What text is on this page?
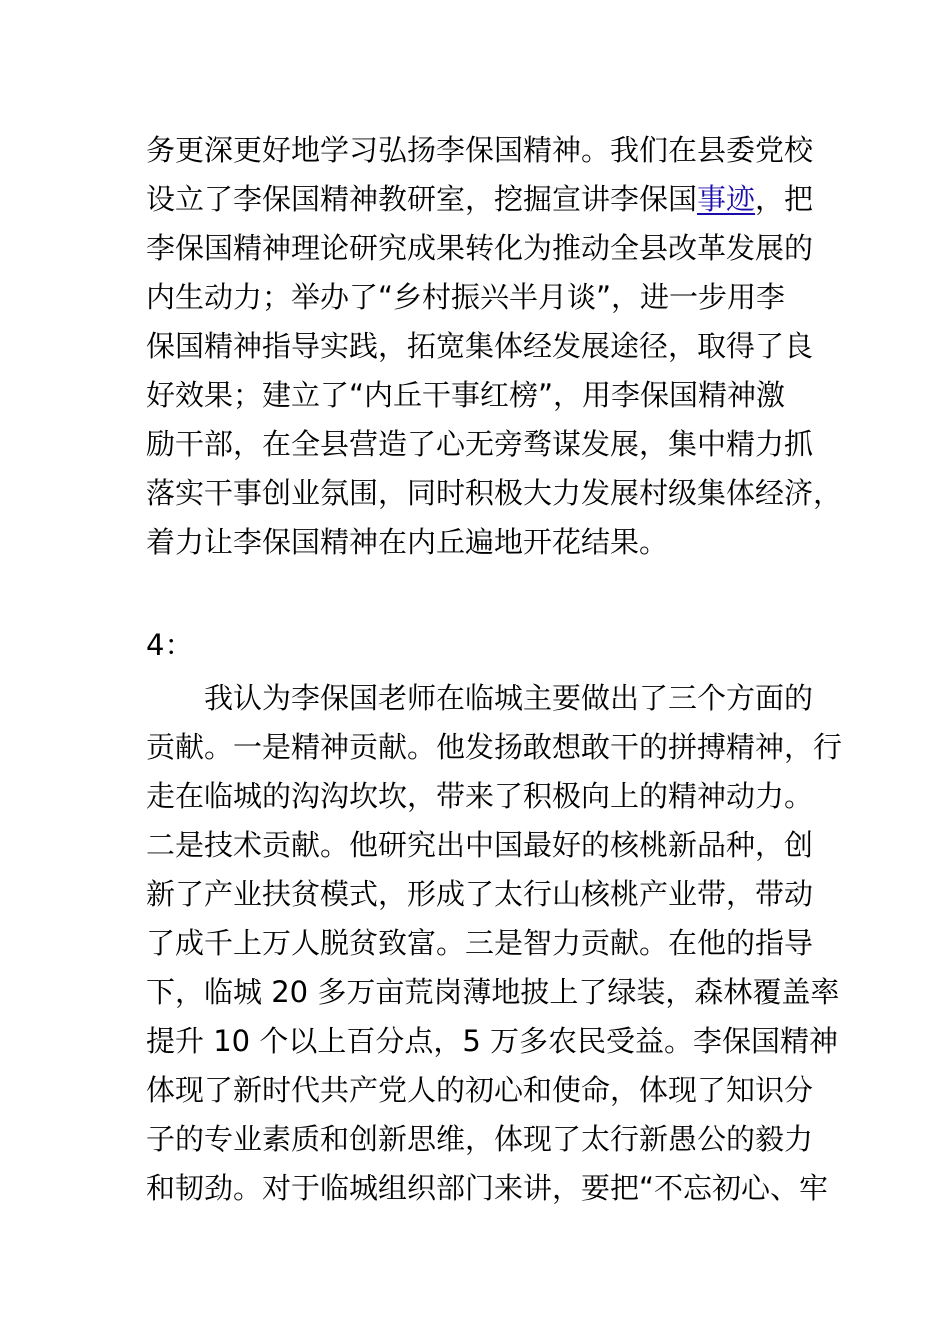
务更深更好地学习弘扬李保国精神。我们在县委党校
设立了李保国精神教研室，挖掘宣讲李保国事迹，把
李保国精神理论研究成果转化为推动全县改革发展的
内生动力；举办了“乡村振兴半月谈”，进一步用李
保国精神指导实践，拓宽集体经发展途径，取得了良
好效果；建立了“内丘干事红榜”，用李保国精神激
励干部，在全县营造了心无旁骛谋发展，集中精力抓
落实干事创业氛围，同时积极大力发展村级集体经济，
着力让李保国精神在内丘遍地开花结果。
4：
我认为李保国老师在临城主要做出了三个方面的
贡献。一是精神贡献。他发扬敢想敢干的拼搏精神，行
走在临城的沟沟坎坎，带来了积极向上的精神动力。
二是技术贡献。他研究出中国最好的核桃新品种，创
新了产业扶贫模式，形成了太行山核桃产业带，带动
了成千上万人脱贫致富。三是智力贡献。在他的指导
下，临城 20 多万亩荒岗薄地披上了绿装，森林覆盖率
提升 10 个以上百分点，5 万多农民受益。李保国精神
体现了新时代共产党人的初心和使命，体现了知识分
子的专业素质和创新思维，体现了太行新愚公的毅力
和韧劲。对于临城组织部门来讲，要把“不忘初心、牢
